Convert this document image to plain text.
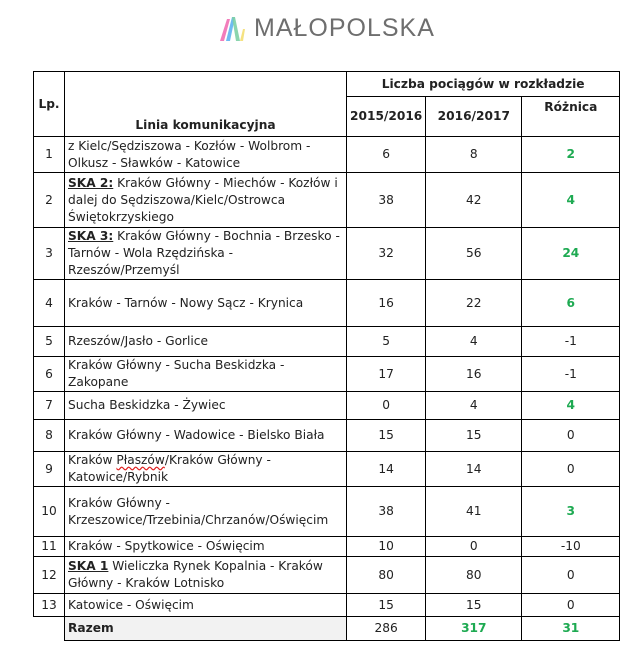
MAŁOPOLSKA
Lp.	Linia komunikacyjna	Liczba pociągów w rozkładzie		
		2015/2016	2016/2017	Różnica
1	z Kielc/Sędziszowa - Kozłów - Wolbrom - Olkusz - Sławków - Katowice	6	8	2
2	SKA 2: Kraków Główny - Miechów - Kozłów i dalej do Sędziszowa/Kielc/Ostrowca Świętokrzyskiego	38	42	4
3	SKA 3: Kraków Główny - Bochnia - Brzesko - Tarnów - Wola Rzędzińska - Rzeszów/Przemyśl	32	56	24
4	Kraków - Tarnów - Nowy Sącz - Krynica	16	22	6
5	Rzeszów/Jasło - Gorlice	5	4	-1
6	Kraków Główny - Sucha Beskidzka - Zakopane	17	16	-1
7	Sucha Beskidzka - Żywiec	0	4	4
8	Kraków Główny - Wadowice - Bielsko Biała	15	15	0
9	Kraków Płaszów/Kraków Główny - Katowice/Rybnik	14	14	0
10	Kraków Główny - Krzeszowice/Trzebinia/Chrzanów/Oświęcim	38	41	3
11	Kraków - Spytkowice - Oświęcim	10	0	-10
12	SKA 1 Wieliczka Rynek Kopalnia - Kraków Główny - Kraków Lotnisko	80	80	0
13	Katowice - Oświęcim	15	15	0
	Razem	286	317	31
